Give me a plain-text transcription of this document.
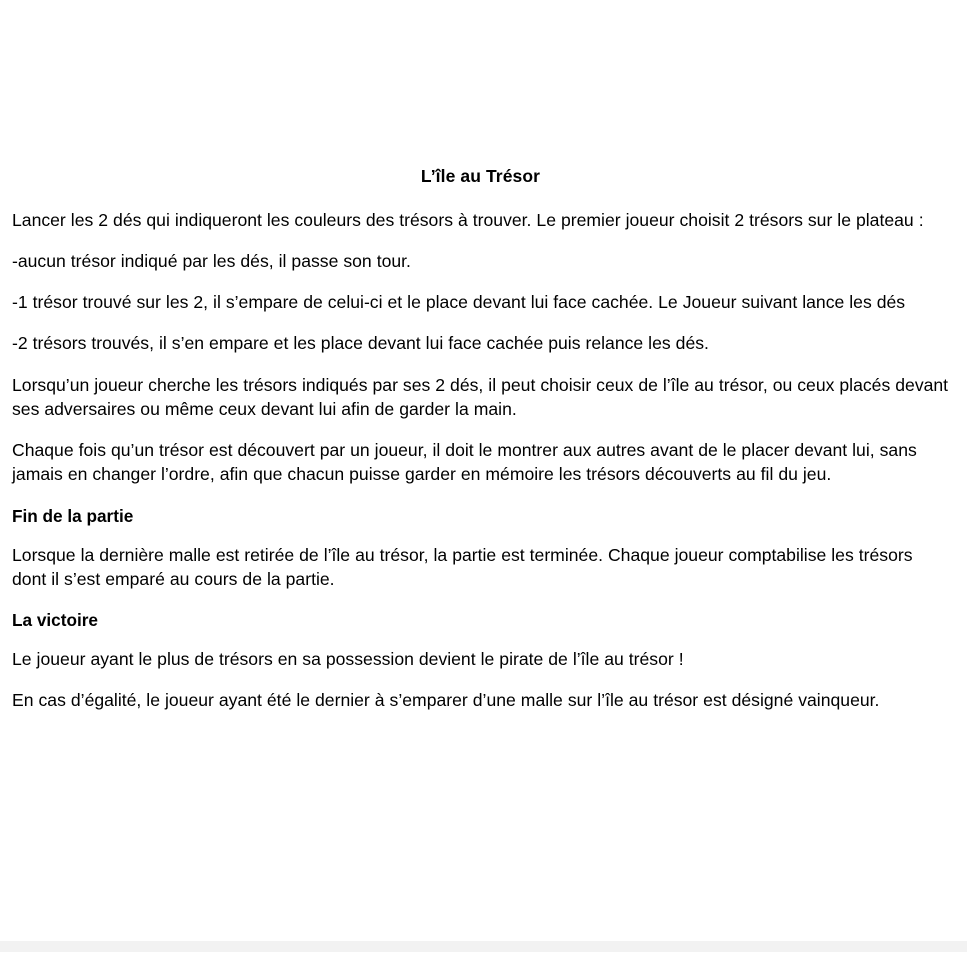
L’île au Trésor

Lancer les 2 dés qui indiqueront les couleurs des trésors à trouver. Le premier joueur choisit 2 trésors sur le plateau :

-aucun trésor indiqué par les dés, il passe son tour.

-1 trésor trouvé sur les 2, il s’empare de celui-ci et le place devant lui face cachée. Le Joueur suivant lance les dés

-2 trésors trouvés, il s’en empare et les place devant lui face cachée puis relance les dés.

Lorsqu’un joueur cherche les trésors indiqués par ses 2 dés, il peut choisir ceux de l’île au trésor, ou ceux placés devant ses adversaires ou même ceux devant lui afin de garder la main.

Chaque fois qu’un trésor est découvert par un joueur, il doit le montrer aux autres avant de le placer devant lui, sans jamais en changer l’ordre, afin que chacun puisse garder en mémoire les trésors découverts au fil du jeu.

Fin de la partie

Lorsque la dernière malle est retirée de l’île au trésor, la partie est terminée. Chaque joueur comptabilise les trésors dont il s’est emparé au cours de la partie.

La victoire

Le joueur ayant le plus de trésors en sa possession devient le pirate de l’île au trésor !

En cas d’égalité, le joueur ayant été le dernier à s’emparer d’une malle sur l’île au trésor est désigné vainqueur.
